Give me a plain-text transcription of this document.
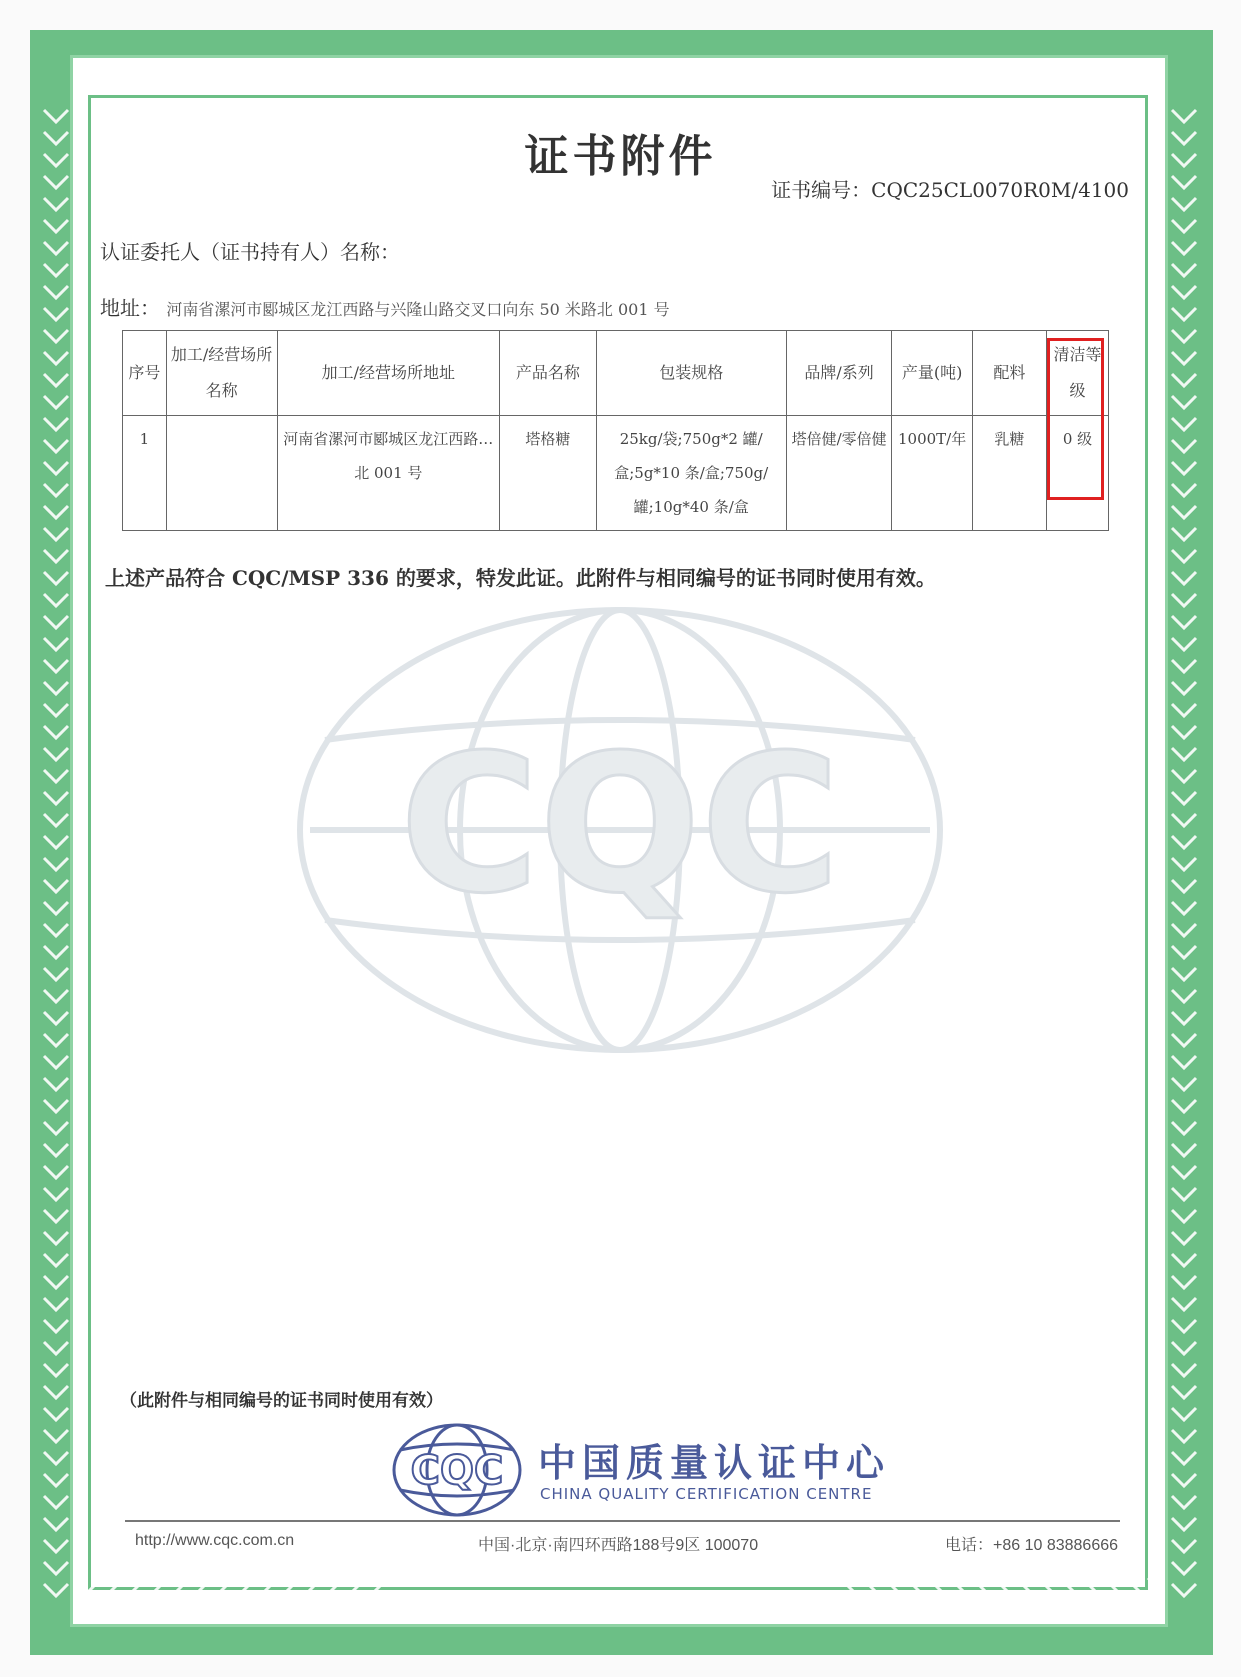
证书附件
证书编号：CQC25CL0070R0M/4100
认证委托人（证书持有人）名称：
地址： 河南省漯河市郾城区龙江西路与兴隆山路交叉口向东 50 米路北 001 号
序号	加工/经营场所名称	加工/经营场所地址	产品名称	包装规格	品牌/系列	产量(吨)	配料	清洁等级
1		河南省漯河市郾城区龙江西路…北 001 号	塔格糖	25kg/袋;750g*2 罐/盒;5g*10 条/盒;750g/罐;10g*40 条/盒	塔倍健/零倍健	1000T/年	乳糖	0 级
上述产品符合 CQC/MSP 336 的要求，特发此证。此附件与相同编号的证书同时使用有效。
CQC
（此附件与相同编号的证书同时使用有效）
CQC 中国质量认证中心
CHINA QUALITY CERTIFICATION CENTRE
http://www.cqc.com.cn	中国·北京·南四环西路188号9区 100070	电话：+86 10 83886666
